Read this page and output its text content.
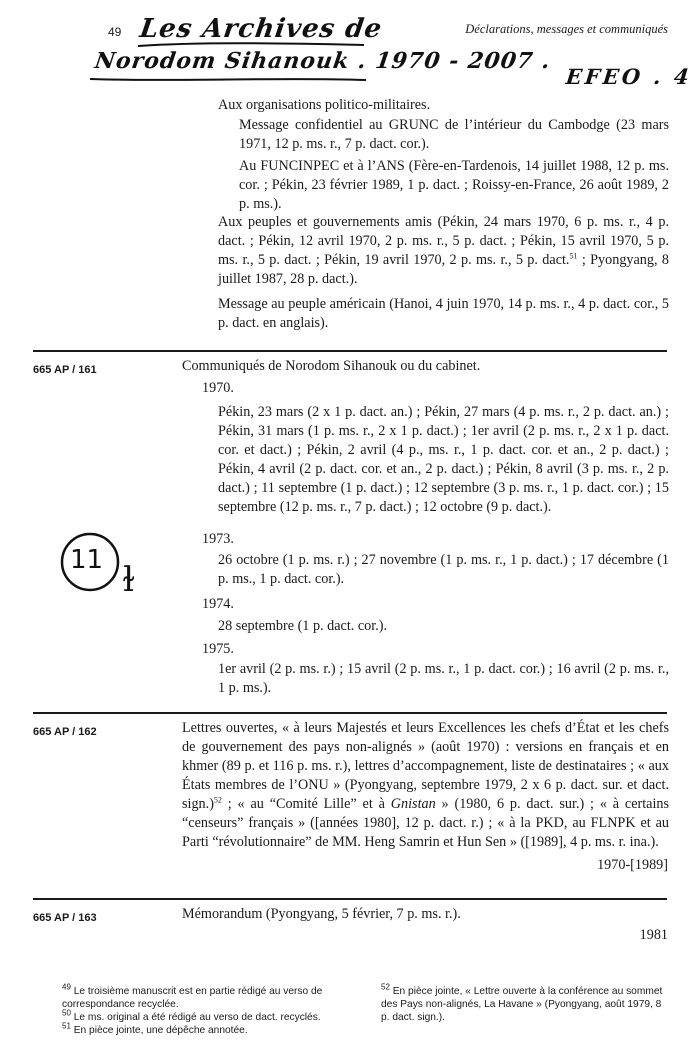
49	Déclarations, messages et communiqués
Les Archives de
Norodom Sihanouk . 1970 - 2007 .
EFEO . 4
Aux organisations politico-militaires.
Message confidentiel au GRUNC de l’intérieur du Cambodge (23 mars 1971, 12 p. ms. r., 7 p. dact. cor.).
Au FUNCINPEC et à l’ANS (Fère-en-Tardenois, 14 juillet 1988, 12 p. ms. cor. ; Pékin, 23 février 1989, 1 p. dact. ; Roissy-en-France, 26 août 1989, 2 p. ms.).
Aux peuples et gouvernements amis (Pékin, 24 mars 1970, 6 p. ms. r., 4 p. dact. ; Pékin, 12 avril 1970, 2 p. ms. r., 5 p. dact. ; Pékin, 15 avril 1970, 5 p. ms. r., 5 p. dact. ; Pékin, 19 avril 1970, 2 p. ms. r., 5 p. dact.$^{51}$ ; Pyongyang, 8 juillet 1987, 28 p. dact.).
Message au peuple américain (Hanoi, 4 juin 1970, 14 p. ms. r., 4 p. dact. cor., 5 p. dact. en anglais).
665 AP / 161	Communiqués de Norodom Sihanouk ou du cabinet.
1970.
Pékin, 23 mars (2 x 1 p. dact. an.) ; Pékin, 27 mars (4 p. ms. r., 2 p. dact. an.) ; Pékin, 31 mars (1 p. ms. r., 2 x 1 p. dact.) ; 1er avril (2 p. ms. r., 2 x 1 p. dact. cor. et dact.) ; Pékin, 2 avril (4 p., ms. r., 1 p. dact. cor. et an., 2 p. dact.) ; Pékin, 4 avril (2 p. dact. cor. et an., 2 p. dact.) ; Pékin, 8 avril (3 p. ms. r., 2 p. dact.) ; 11 septembre (1 p. dact.) ; 12 septembre (3 p. ms. r., 1 p. dact. cor.) ; 15 septembre (12 p. ms. r., 7 p. dact.) ; 12 octobre (9 p. dact.).
1973.
26 octobre (1 p. ms. r.) ; 27 novembre (1 p. ms. r., 1 p. dact.) ; 17 décembre (1 p. ms., 1 p. dact. cor.).
1974.
28 septembre (1 p. dact. cor.).
1975.
1er avril (2 p. ms. r.) ; 15 avril (2 p. ms. r., 1 p. dact. cor.) ; 16 avril (2 p. ms. r., 1 p. ms.).
11 ɫ
665 AP / 162	Lettres ouvertes, « à leurs Majestés et leurs Excellences les chefs d’État et les chefs de gouvernement des pays non-alignés » (août 1970) : versions en français et en khmer (89 p. et 116 p. ms. r.), lettres d’accompagnement, liste de destinataires ; « aux États membres de l’ONU » (Pyongyang, septembre 1979, 2 x 6 p. dact. sur. et dact. sign.)$^{52}$ ; « au “Comité Lille” et à Gnistan » (1980, 6 p. dact. sur.) ; « à certains “censeurs” français » ([années 1980], 12 p. dact. r.) ; « à la PKD, au FLNPK et au Parti “révolutionnaire” de MM. Heng Samrin et Hun Sen » ([1989], 4 p. ms. r. ina.).
1970-[1989]
665 AP / 163	Mémorandum (Pyongyang, 5 février, 7 p. ms. r.).
1981
$^{49}$ Le troisième manuscrit est en partie rédigé au verso de correspondance recyclée.
$^{50}$ Le ms. original a été rédigé au verso de dact. recyclés.
$^{51}$ En pièce jointe, une dépêche annotée.
$^{52}$ En pièce jointe, « Lettre ouverte à la conférence au sommet des Pays non-alignés, La Havane » (Pyongyang, août 1979, 8 p. dact. sign.).
